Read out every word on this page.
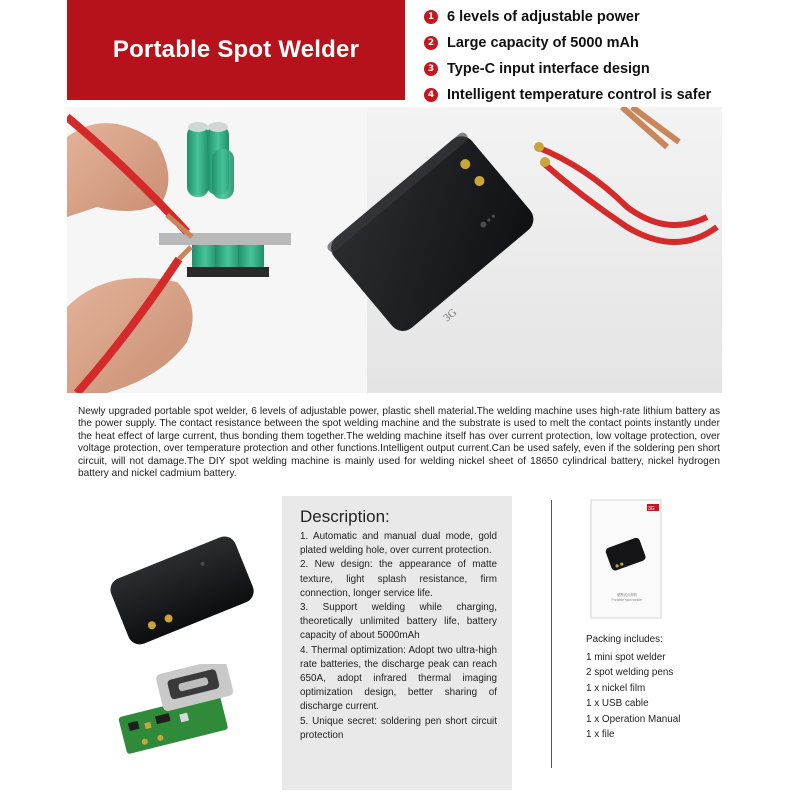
Portable Spot Welder
1 6 levels of adjustable power
2 Large capacity of 5000 mAh
3 Type-C input interface design
4 Intelligent temperature control is safer
3G

Newly upgraded portable spot welder, 6 levels of adjustable power, plastic shell material.The welding machine uses high-rate lithium battery as the power supply. The contact resistance between the spot welding machine and the substrate is used to melt the contact points instantly under the heat effect of large current, thus bonding them together.The welding machine itself has over current protection, low voltage protection, over voltage protection, over temperature protection and other functions.Intelligent output current.Can be used safely, even if the soldering pen short circuit, will not damage.The DIY spot welding machine is mainly used for welding nickel sheet of 18650 cylindrical battery, nickel hydrogen battery and nickel cadmium battery.

Description:
1. Automatic and manual dual mode, gold plated welding hole, over current protection.
2. New design: the appearance of matte texture, light splash resistance, firm connection, longer service life.
3. Support welding while charging, theoretically unlimited battery life, battery capacity of about 5000mAh
4. Thermal optimization: Adopt two ultra-high rate batteries, the discharge peak can reach 650A, adopt infrared thermal imaging optimization design, better sharing of discharge current.
5. Unique secret: soldering pen short circuit protection
3G
便携式点焊机
Portable spot welder
Packing includes:
1 mini spot welder
2 spot welding pens
1 x nickel film
1 x USB cable
1 x Operation Manual
1 x file
